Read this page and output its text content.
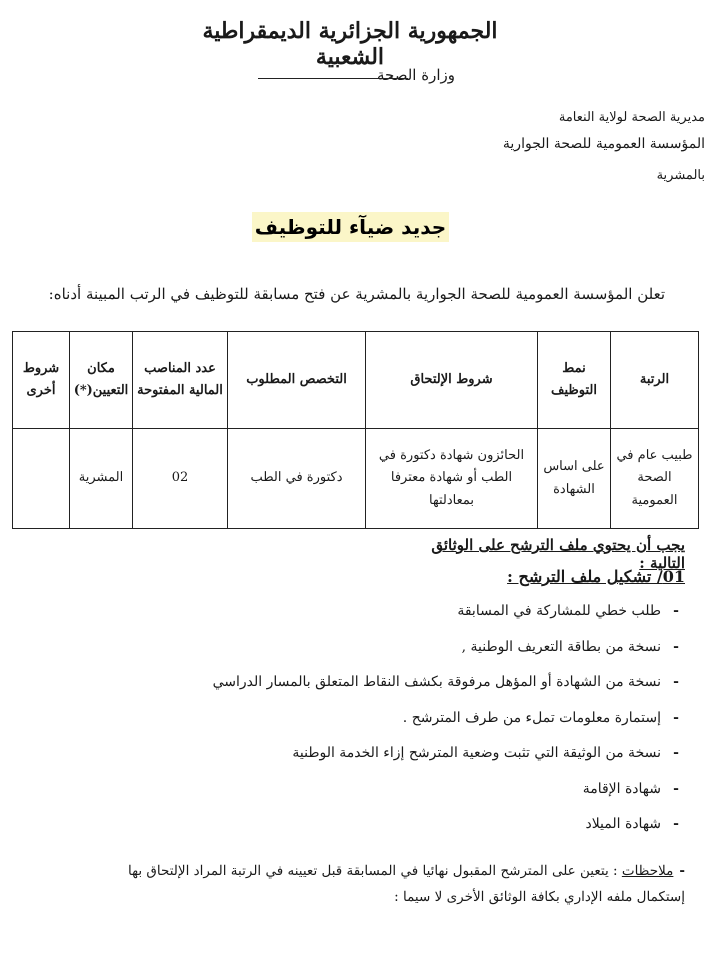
الجمهورية الجزائرية الديمقراطية الشعبية
وزارة الصحة
مديرية الصحة لولاية النعامة
المؤسسة العمومية للصحة الجوارية
بالمشرية
جديد ضيآء للتوظيف
تعلن المؤسسة العمومية للصحة الجوارية بالمشرية عن فتح مسابقة للتوظيف في الرتب المبينة أدناه:
الرتبة	نمط التوظيف	شروط الإلتحاق	التخصص المطلوب	عدد المناصب المالية المفتوحة	مكان التعيين(*)	شروط أخرى
طبيب عام في الصحة العمومية	على اساس الشهادة	الحائزون شهادة دكتورة في الطب أو شهادة معترفا بمعادلتها	دكتورة في الطب	02	المشرية	
يجب أن يحتوي ملف الترشح على الوثائق التالية :
01/ تشكيل ملف الترشح :
- طلب خطي للمشاركة في المسابقة
- نسخة من بطاقة التعريف الوطنية ,
- نسخة من الشهادة أو المؤهل مرفوقة بكشف النقاط المتعلق بالمسار الدراسي
- إستمارة معلومات تملء من طرف المترشح .
- نسخة من الوثيقة التي تثبت وضعية المترشح إزاء الخدمة الوطنية
- شهادة الإقامة
- شهادة الميلاد
-ملاحظات : يتعين على المترشح المقبول نهائيا في المسابقة قبل تعيينه في الرتبة المراد الإلتحاق بها إستكمال ملفه الإداري بكافة الوثائق الأخرى لا سيما :
